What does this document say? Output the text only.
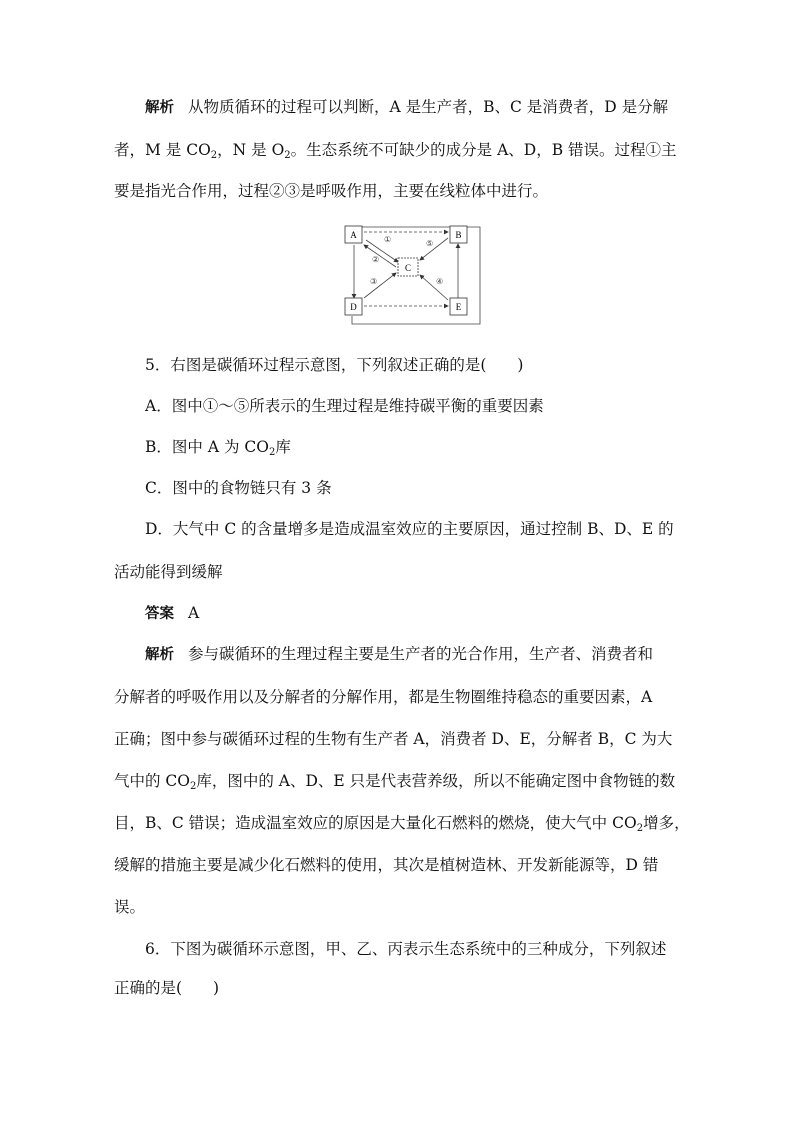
解析 从物质循环的过程可以判断，A 是生产者，B、C 是消费者，D 是分解
者，M 是 $CO_2$，N 是 $O_2$。生态系统不可缺少的成分是 A、D，B 错误。过程①主
要是指光合作用，过程②③是呼吸作用，主要在线粒体中进行。
A	B
C
D	E
①
②
③	④
⑤
5．右图是碳循环过程示意图，下列叙述正确的是(　　)
A．图中①～⑤所表示的生理过程是维持碳平衡的重要因素
B．图中 A 为 $CO_2$库
C．图中的食物链只有 3 条
D．大气中 C 的含量增多是造成温室效应的主要原因，通过控制 B、D、E 的
活动能得到缓解
答案 A
解析 参与碳循环的生理过程主要是生产者的光合作用，生产者、消费者和
分解者的呼吸作用以及分解者的分解作用，都是生物圈维持稳态的重要因素，A
正确；图中参与碳循环过程的生物有生产者 A，消费者 D、E，分解者 B，C 为大
气中的 $CO_2$库，图中的 A、D、E 只是代表营养级，所以不能确定图中食物链的数
目，B、C 错误；造成温室效应的原因是大量化石燃料的燃烧，使大气中 $CO_2$增多，
缓解的措施主要是减少化石燃料的使用，其次是植树造林、开发新能源等，D 错
误。
6．下图为碳循环示意图，甲、乙、丙表示生态系统中的三种成分，下列叙述
正确的是(　　)
